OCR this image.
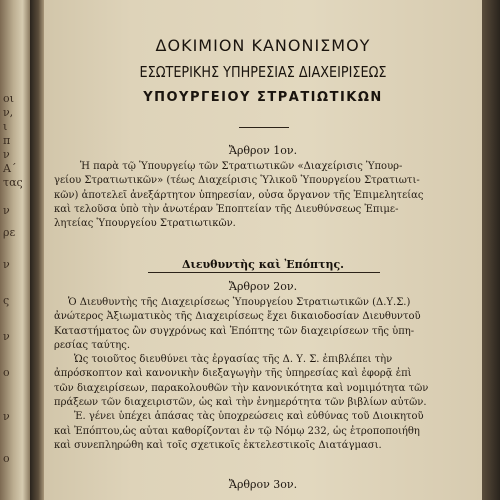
οι
ν,
ι
π
ν
Α΄
τας
ν
ρε
ν
ς
ν
ο
ν
ο
ΔΟΚΙΜΙΟΝ ΚΑΝΟΝΙΣΜΟΥ
ΕΣΩΤΕΡΙΚΗΣ ΥΠΗΡΕΣΙΑΣ ΔΙΑΧΕΙΡΙΣΕΩΣ
ΥΠΟΥΡΓΕΙΟΥ ΣΤΡΑΤΙΩΤΙΚΩΝ
Ἄρθρον 1ον.
Ἡ παρὰ τῷ Ὑπουργείῳ τῶν Στρατιωτικῶν «Διαχείρισις Ὑπουρ-
γείου Στρατιωτικῶν» (τέως Διαχείρισις Ὑλικοῦ Ὑπουργείου Στρατιωτι-
κῶν) ἀποτελεῖ ἀνεξάρτητον ὑπηρεσίαν, οὖσα ὄργανον τῆς Ἐπιμελητείας
καὶ τελοῦσα ὑπὸ τὴν ἀνωτέραν Ἐποπτείαν τῆς Διευθύνσεως Ἐπιμε-
λητείας Ὑπουργείου Στρατιωτικῶν.
Διευθυντὴς καὶ Ἐπόπτης.
Ἄρθρον 2ον.
Ὁ Διευθυντὴς τῆς Διαχειρίσεως Ὑπουργείου Στρατιωτικῶν (Δ.Υ.Σ.)
ἀνώτερος Ἀξιωματικὸς τῆς Διαχειρίσεως ἔχει δικαιοδοσίαν Διευθυντοῦ
Καταστήματος ὢν συγχρόνως καὶ Ἐπόπτης τῶν διαχειρίσεων τῆς ὑπη-
ρεσίας ταύτης.
Ὡς τοιοῦτος διευθύνει τὰς ἐργασίας τῆς Δ. Υ. Σ. ἐπιβλέπει τὴν
ἀπρόσκοπτον καὶ κανονικὴν διεξαγωγὴν τῆς ὑπηρεσίας καὶ ἐφορᾷ ἐπὶ
τῶν διαχειρίσεων, παρακολουθῶν τὴν κανονικότητα καὶ νομιμότητα τῶν
πράξεων τῶν διαχειριστῶν, ὡς καὶ τὴν ἐνημερότητα τῶν βιβλίων αὐτῶν.
Ἐ. γένει ὑπέχει ἁπάσας τὰς ὑποχρεώσεις καὶ εὐθύνας τοῦ Διοικητοῦ
καὶ Ἐπόπτου,ὡς αὗται καθορίζονται ἐν τῷ Νόμῳ 232, ὡς ἐτροποποιήθη
καὶ συνεπληρώθη καὶ τοῖς σχετικοῖς ἐκτελεστικοῖς Διατάγμασι.
Ἄρθρον 3ον.
